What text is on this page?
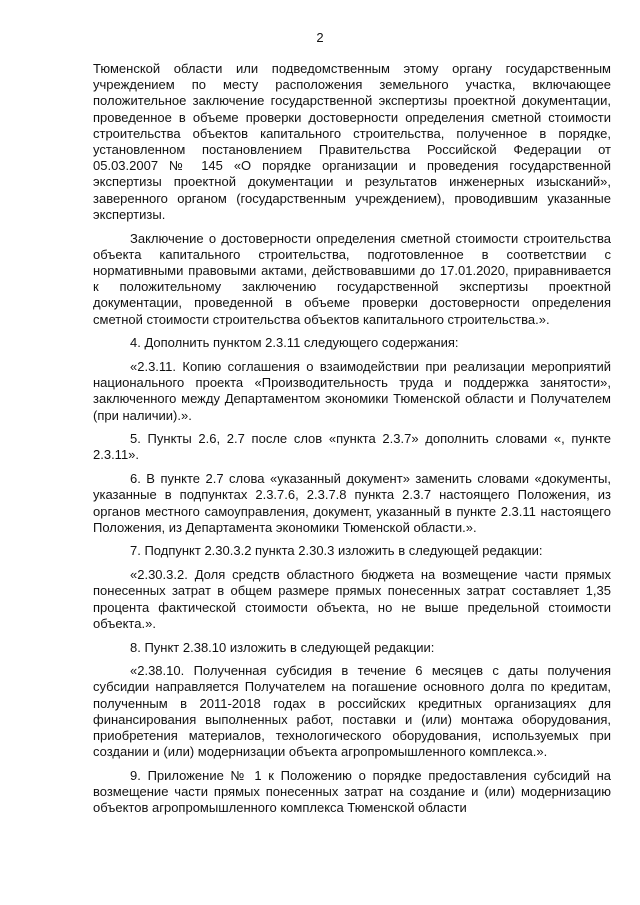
2

Тюменской области или подведомственным этому органу государственным учреждением по месту расположения земельного участка, включающее положительное заключение государственной экспертизы проектной документации, проведенное в объеме проверки достоверности определения сметной стоимости строительства объектов капитального строительства, полученное в порядке, установленном постановлением Правительства Российской Федерации от 05.03.2007 № 145 «О порядке организации и проведения государственной экспертизы проектной документации и результатов инженерных изысканий», заверенного органом (государственным учреждением), проводившим указанные экспертизы.

Заключение о достоверности определения сметной стоимости строительства объекта капитального строительства, подготовленное в соответствии с нормативными правовыми актами, действовавшими до 17.01.2020, приравнивается к положительному заключению государственной экспертизы проектной документации, проведенной в объеме проверки достоверности определения сметной стоимости строительства объектов капитального строительства.».

4. Дополнить пунктом 2.3.11 следующего содержания:

«2.3.11. Копию соглашения о взаимодействии при реализации мероприятий национального проекта «Производительность труда и поддержка занятости», заключенного между Департаментом экономики Тюменской области и Получателем (при наличии).».

5. Пункты 2.6, 2.7 после слов «пункта 2.3.7» дополнить словами «, пункте 2.3.11».

6. В пункте 2.7 слова «указанный документ» заменить словами «документы, указанные в подпунктах 2.3.7.6, 2.3.7.8 пункта 2.3.7 настоящего Положения, из органов местного самоуправления, документ, указанный в пункте 2.3.11 настоящего Положения, из Департамента экономики Тюменской области.».

7. Подпункт 2.30.3.2 пункта 2.30.3 изложить в следующей редакции:

«2.30.3.2. Доля средств областного бюджета на возмещение части прямых понесенных затрат в общем размере прямых понесенных затрат составляет 1,35 процента фактической стоимости объекта, но не выше предельной стоимости объекта.».

8. Пункт 2.38.10 изложить в следующей редакции:

«2.38.10. Полученная субсидия в течение 6 месяцев с даты получения субсидии направляется Получателем на погашение основного долга по кредитам, полученным в 2011-2018 годах в российских кредитных организациях для финансирования выполненных работ, поставки и (или) монтажа оборудования, приобретения материалов, технологического оборудования, используемых при создании и (или) модернизации объекта агропромышленного комплекса.».

9. Приложение № 1 к Положению о порядке предоставления субсидий на возмещение части прямых понесенных затрат на создание и (или) модернизацию объектов агропромышленного комплекса Тюменской области
